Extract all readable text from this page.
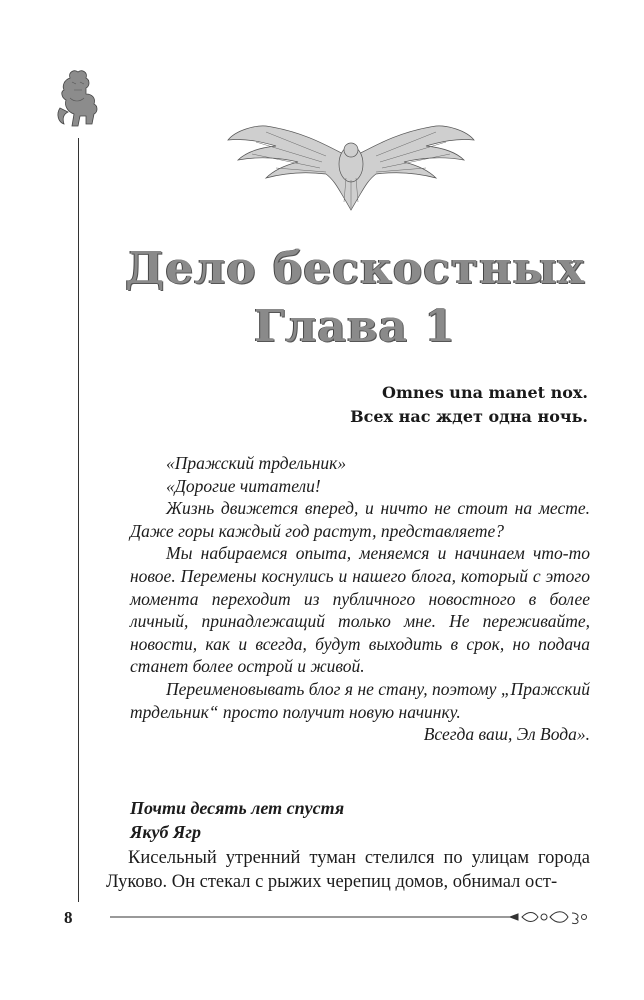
Дело бескостных
Глава 1
Omnes una manet nox.
Всех нас ждет одна ночь.

«Пражский трдельник»

«Дорогие читатели!

Жизнь движется вперед, и ничто не стоит на месте. Даже горы каждый год растут, представляете?

Мы набираемся опыта, меняемся и начинаем что-то новое. Перемены коснулись и нашего блога, который с этого момента переходит из публичного новостного в более личный, принадлежащий только мне. Не переживайте, новости, как и всегда, будут выходить в срок, но подача станет более острой и живой.

Переименовывать блог я не стану, поэтому „Пражский трдельник“ просто получит новую начинку.

Всегда ваш, Эл Вода».

Почти десять лет спустя
Якуб Ягр

Кисельный утренний туман стелился по улицам города Луково. Он стекал с рыжих черепиц домов, обнимал ост-

8
